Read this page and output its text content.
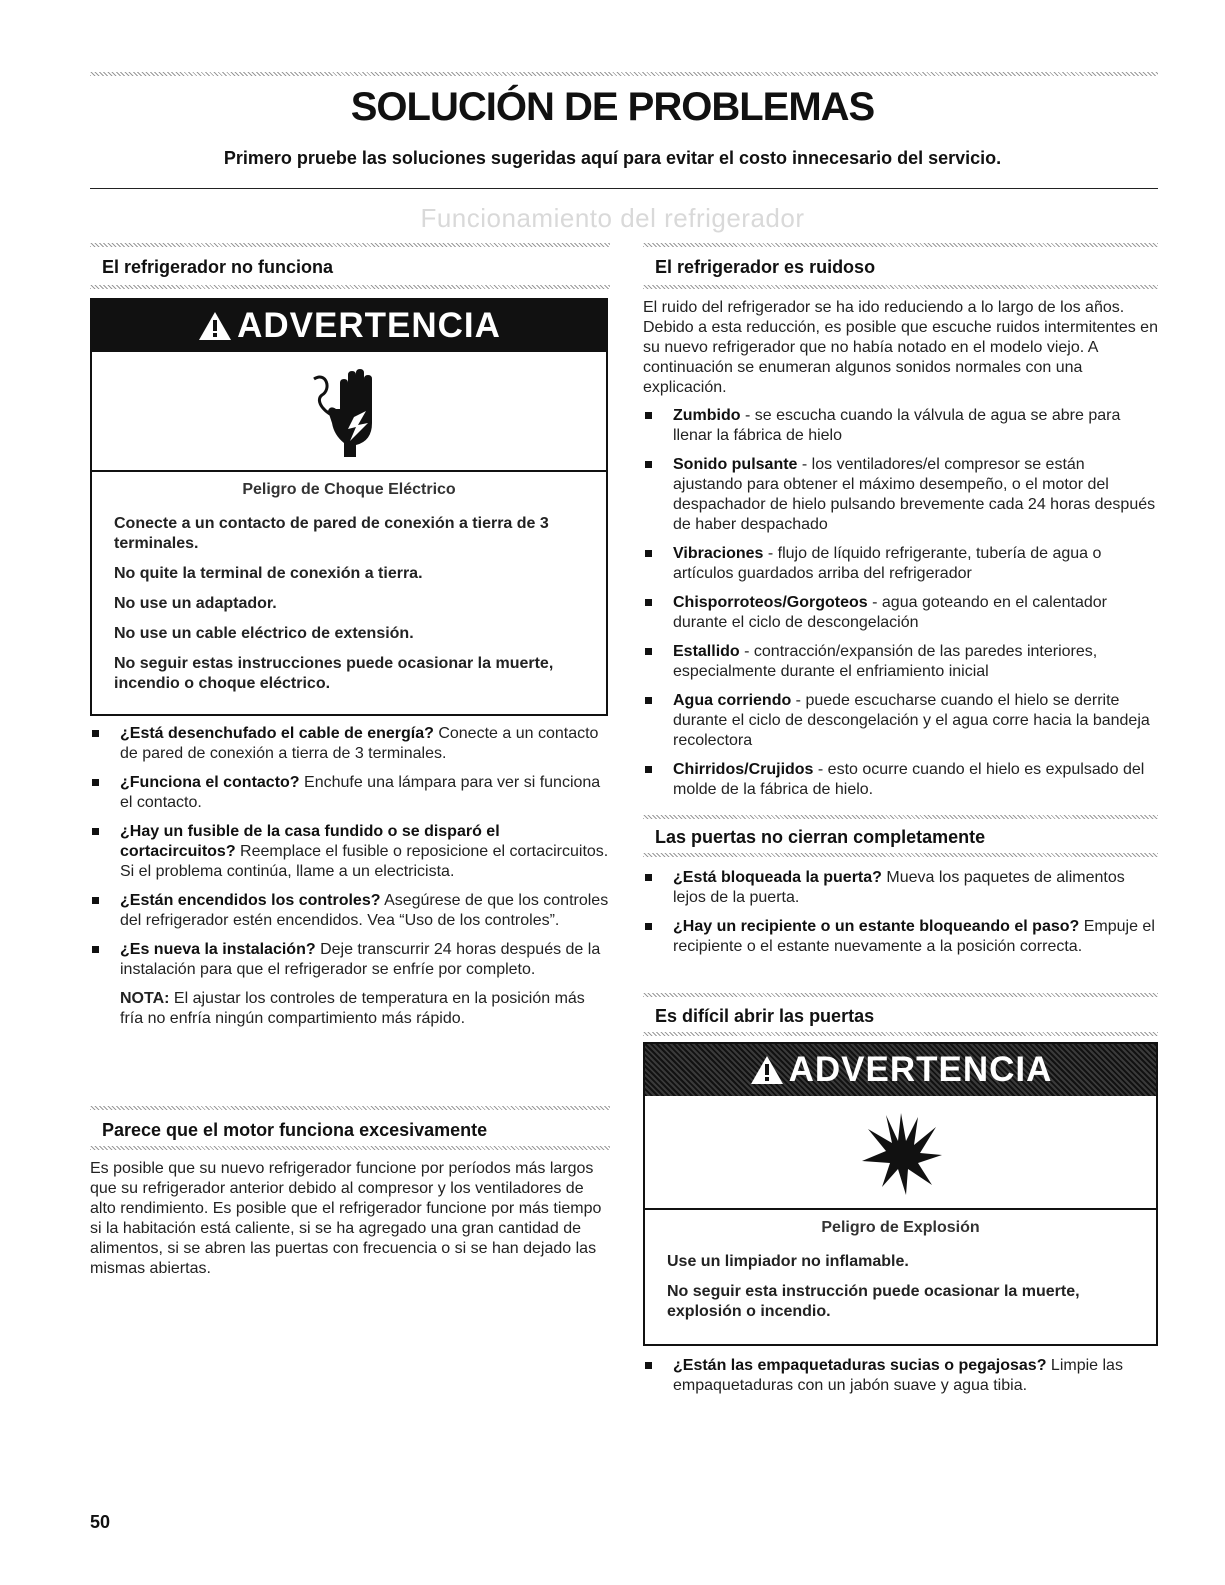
SOLUCIÓN DE PROBLEMAS
Primero pruebe las soluciones sugeridas aquí para evitar el costo innecesario del servicio.
Funcionamiento del refrigerador
El refrigerador no funciona
ADVERTENCIA

Peligro de Choque Eléctrico

Conecte a un contacto de pared de conexión a tierra de 3 terminales.

No quite la terminal de conexión a tierra.

No use un adaptador.

No use un cable eléctrico de extensión.

No seguir estas instrucciones puede ocasionar la muerte, incendio o choque eléctrico.

¿Está desenchufado el cable de energía? Conecte a un contacto de pared de conexión a tierra de 3 terminales.
¿Funciona el contacto? Enchufe una lámpara para ver si funciona el contacto.
¿Hay un fusible de la casa fundido o se disparó el cortacircuitos? Reemplace el fusible o reposicione el cortacircuitos. Si el problema continúa, llame a un electricista.
¿Están encendidos los controles? Asegúrese de que los controles del refrigerador estén encendidos. Vea “Uso de los controles”.
¿Es nueva la instalación? Deje transcurrir 24 horas después de la instalación para que el refrigerador se enfríe por completo.
NOTA: El ajustar los controles de temperatura en la posición más fría no enfría ningún compartimiento más rápido.
Parece que el motor funciona excesivamente

Es posible que su nuevo refrigerador funcione por períodos más largos que su refrigerador anterior debido al compresor y los ventiladores de alto rendimiento. Es posible que el refrigerador funcione por más tiempo si la habitación está caliente, si se ha agregado una gran cantidad de alimentos, si se abren las puertas con frecuencia o si se han dejado las mismas abiertas.

El refrigerador es ruidoso

El ruido del refrigerador se ha ido reduciendo a lo largo de los años. Debido a esta reducción, es posible que escuche ruidos intermitentes en su nuevo refrigerador que no había notado en el modelo viejo. A continuación se enumeran algunos sonidos normales con una explicación.

Zumbido - se escucha cuando la válvula de agua se abre para llenar la fábrica de hielo
Sonido pulsante - los ventiladores/el compresor se están ajustando para obtener el máximo desempeño, o el motor del despachador de hielo pulsando brevemente cada 24 horas después de haber despachado
Vibraciones - flujo de líquido refrigerante, tubería de agua o artículos guardados arriba del refrigerador
Chisporroteos/Gorgoteos - agua goteando en el calentador durante el ciclo de descongelación
Estallido - contracción/expansión de las paredes interiores, especialmente durante el enfriamiento inicial
Agua corriendo - puede escucharse cuando el hielo se derrite durante el ciclo de descongelación y el agua corre hacia la bandeja recolectora
Chirridos/Crujidos - esto ocurre cuando el hielo es expulsado del molde de la fábrica de hielo.
Las puertas no cierran completamente
¿Está bloqueada la puerta? Mueva los paquetes de alimentos lejos de la puerta.
¿Hay un recipiente o un estante bloqueando el paso? Empuje el recipiente o el estante nuevamente a la posición correcta.
Es difícil abrir las puertas
ADVERTENCIA

Peligro de Explosión

Use un limpiador no inflamable.

No seguir esta instrucción puede ocasionar la muerte, explosión o incendio.

¿Están las empaquetaduras sucias o pegajosas? Limpie las empaquetaduras con un jabón suave y agua tibia.
50
